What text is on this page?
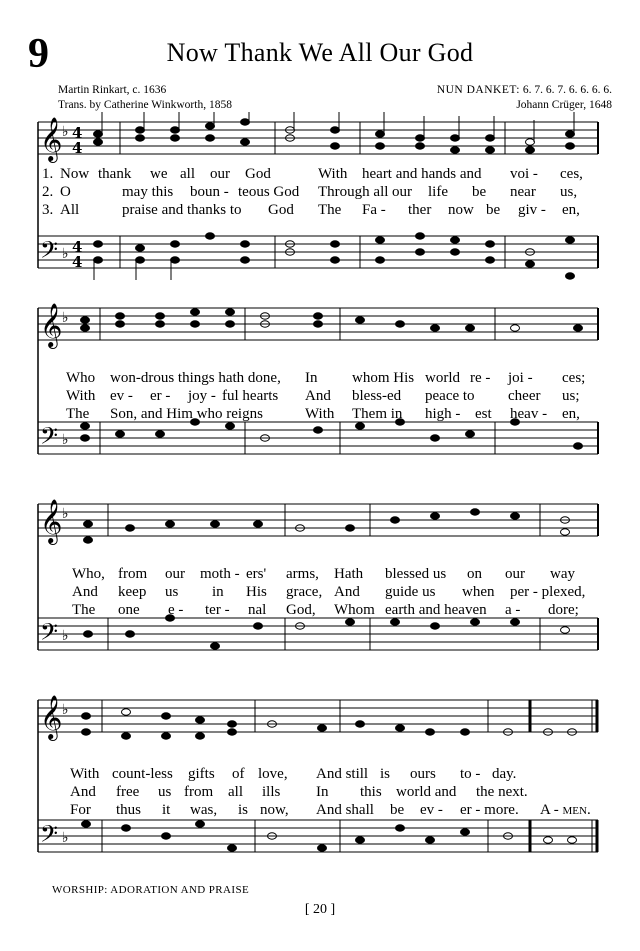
9	Now Thank We All Our God
Martin Rinkart, c. 1636
Trans. by Catherine Winkworth, 1858
NUN DANKET: 6. 7. 6. 7. 6. 6. 6. 6.
Johann Crüger, 1648
𝄞 ♭ 4
4
𝄢 ♭ 4
4
1. Now thank we all our God	With heart and hands and voi - ces,
2. O	may this boun - teous God Through all our life be near us,
3. All	praise and thanks to God The Fa - ther now be giv - en,
𝄞 ♭
𝄢 ♭
Who won-drous things hath done, In whom His world re - joi - ces;
With ev - er - joy - ful hearts And bless-ed peace to cheer us;
The Son, and Him who reigns	With Them in high - est heav - en,
𝄞 ♭
𝄢 ♭
Who, from our moth - ers' arms, Hath blessed us on our way
And keep us in His grace, And guide us when per - plexed,
The one e - ter - nal God, Whom earth and heaven a - dore;
𝄞 ♭
𝄢 ♭
With count-less gifts of love, And still is ours to - day.
And free us from all ills In this world and the next.
For thus it was, is now, And shall be ev - er - more. A - men.
WORSHIP: ADORATION AND PRAISE
[ 20 ]
